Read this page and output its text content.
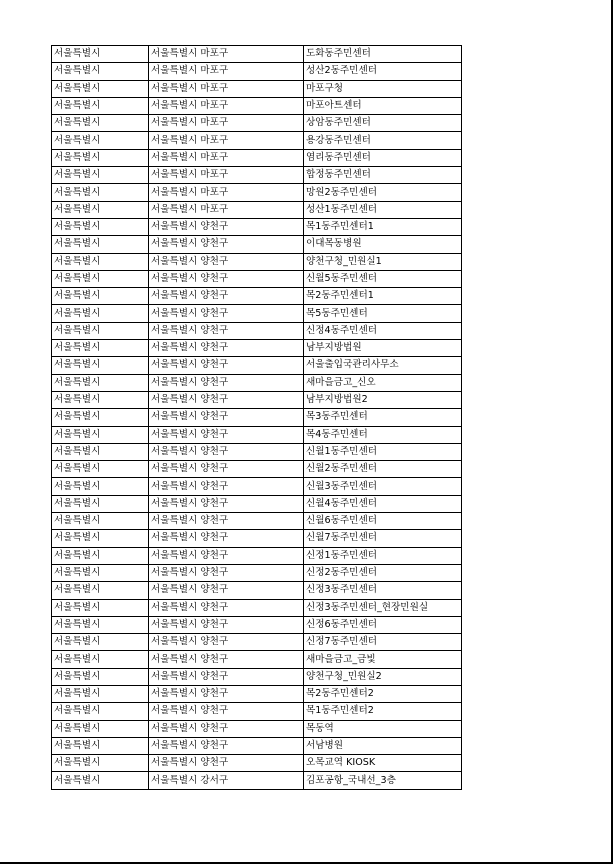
서울특별시	서울특별시 마포구	도화동주민센터
서울특별시	서울특별시 마포구	성산2동주민센터
서울특별시	서울특별시 마포구	마포구청
서울특별시	서울특별시 마포구	마포아트센터
서울특별시	서울특별시 마포구	상암동주민센터
서울특별시	서울특별시 마포구	용강동주민센터
서울특별시	서울특별시 마포구	염리동주민센터
서울특별시	서울특별시 마포구	합정동주민센터
서울특별시	서울특별시 마포구	망원2동주민센터
서울특별시	서울특별시 마포구	성산1동주민센터
서울특별시	서울특별시 양천구	목1동주민센터1
서울특별시	서울특별시 양천구	이대목동병원
서울특별시	서울특별시 양천구	양천구청_민원실1
서울특별시	서울특별시 양천구	신월5동주민센터
서울특별시	서울특별시 양천구	목2동주민센터1
서울특별시	서울특별시 양천구	목5동주민센터
서울특별시	서울특별시 양천구	신정4동주민센터
서울특별시	서울특별시 양천구	남부지방법원
서울특별시	서울특별시 양천구	서울출입국관리사무소
서울특별시	서울특별시 양천구	새마을금고_신오
서울특별시	서울특별시 양천구	남부지방법원2
서울특별시	서울특별시 양천구	목3동주민센터
서울특별시	서울특별시 양천구	목4동주민센터
서울특별시	서울특별시 양천구	신월1동주민센터
서울특별시	서울특별시 양천구	신월2동주민센터
서울특별시	서울특별시 양천구	신월3동주민센터
서울특별시	서울특별시 양천구	신월4동주민센터
서울특별시	서울특별시 양천구	신월6동주민센터
서울특별시	서울특별시 양천구	신월7동주민센터
서울특별시	서울특별시 양천구	신정1동주민센터
서울특별시	서울특별시 양천구	신정2동주민센터
서울특별시	서울특별시 양천구	신정3동주민센터
서울특별시	서울특별시 양천구	신정3동주민센터_현장민원실
서울특별시	서울특별시 양천구	신정6동주민센터
서울특별시	서울특별시 양천구	신정7동주민센터
서울특별시	서울특별시 양천구	새마을금고_금빛
서울특별시	서울특별시 양천구	양천구청_민원실2
서울특별시	서울특별시 양천구	목2동주민센터2
서울특별시	서울특별시 양천구	목1동주민센터2
서울특별시	서울특별시 양천구	목동역
서울특별시	서울특별시 양천구	서남병원
서울특별시	서울특별시 양천구	오목교역 KIOSK
서울특별시	서울특별시 강서구	김포공항_국내선_3층
